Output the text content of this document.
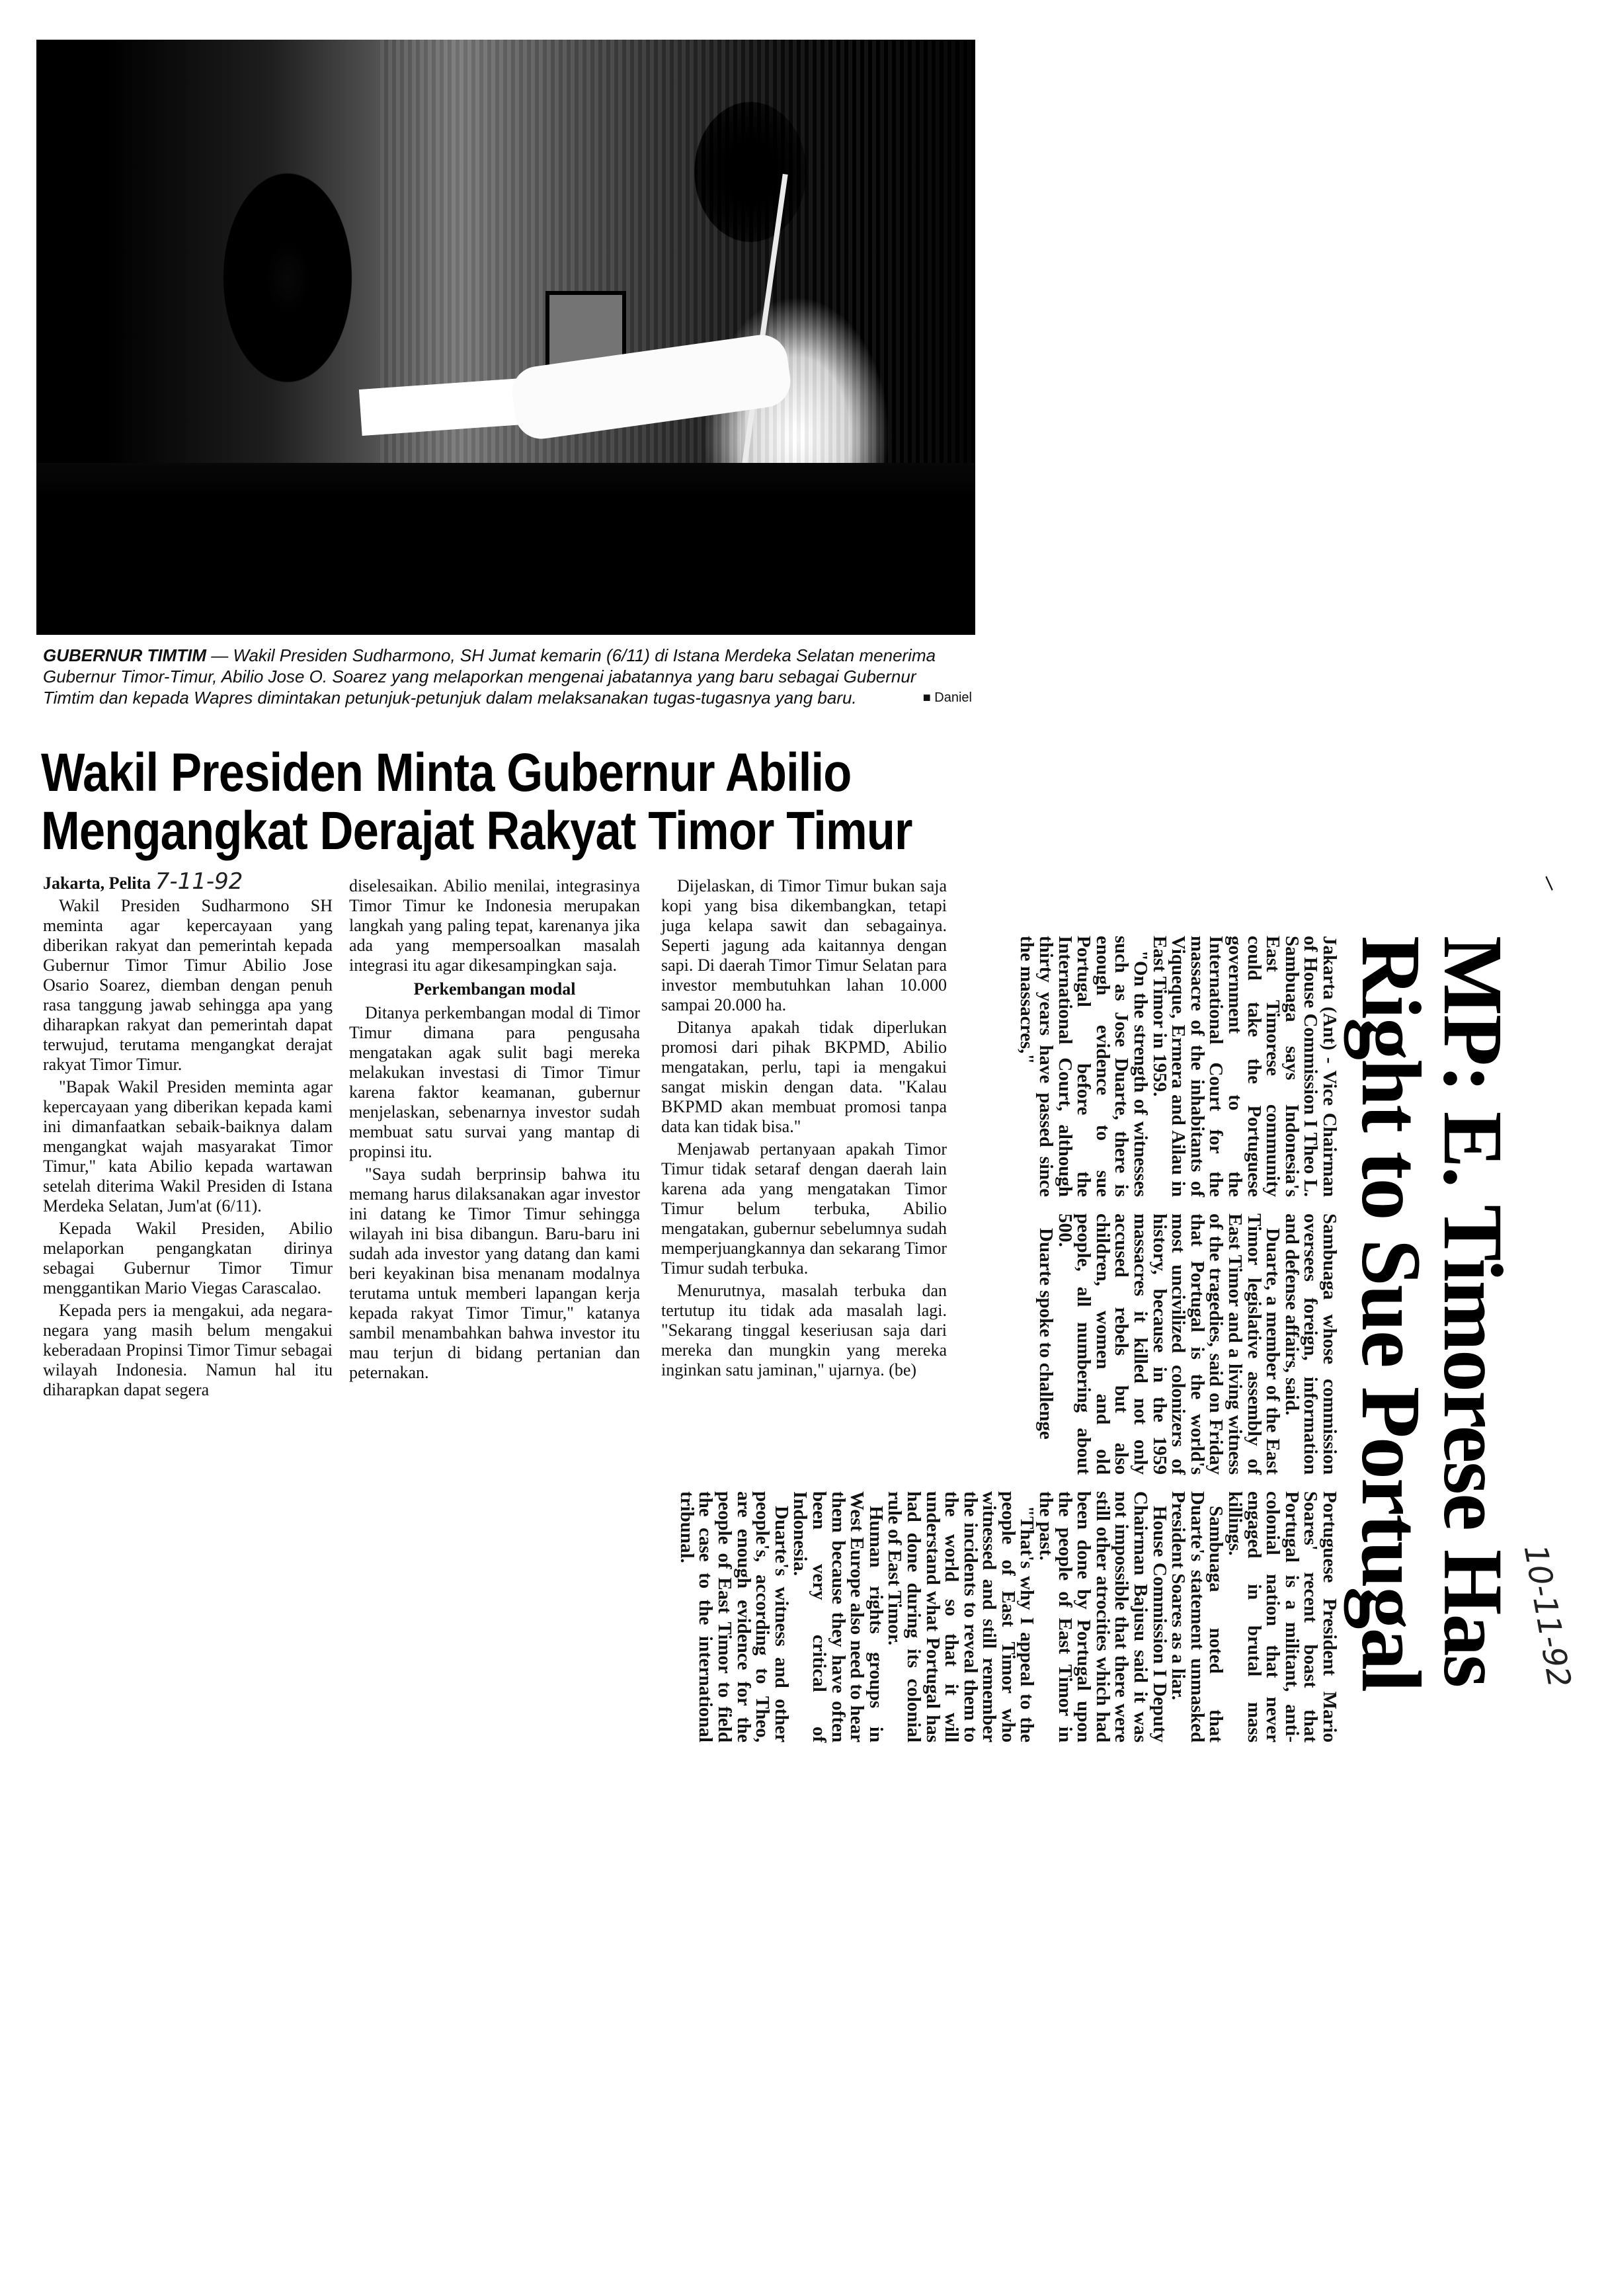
GUBERNUR TIMTIM — Wakil Presiden Sudharmono, SH Jumat kemarin (6/11) di Istana Merdeka Selatan menerima Gubernur Timor-Timur, Abilio Jose O. Soarez yang melaporkan mengenai jabatannya yang baru sebagai Gubernur Timtim dan kepada Wapres dimintakan petunjuk-petunjuk dalam melaksanakan tugas-tugasnya yang baru.	■ Daniel
Wakil Presiden Minta Gubernur Abilio
Mengangkat Derajat Rakyat Timor Timur

Jakarta, Pelita 7-11-92

Wakil Presiden Sudharmono SH meminta agar kepercayaan yang diberikan rakyat dan pemerintah kepada Gubernur Timor Timur Abilio Jose Osario Soarez, diemban dengan penuh rasa tanggung jawab sehingga apa yang diharapkan rakyat dan pemerintah dapat terwujud, terutama mengangkat derajat rakyat Timor Timur.

"Bapak Wakil Presiden meminta agar kepercayaan yang diberikan kepada kami ini dimanfaatkan sebaik-baiknya dalam mengangkat wajah masyarakat Timor Timur," kata Abilio kepada wartawan setelah diterima Wakil Presiden di Istana Merdeka Selatan, Jum'at (6/11).

Kepada Wakil Presiden, Abilio melaporkan pengangkatan dirinya sebagai Gubernur Timor Timur menggantikan Mario Viegas Carascalao.

Kepada pers ia mengakui, ada negara-negara yang masih belum mengakui keberadaan Propinsi Timor Timur sebagai wilayah Indonesia. Namun hal itu diharapkan dapat segera

diselesaikan. Abilio menilai, integrasinya Timor Timur ke Indonesia merupakan langkah yang paling tepat, karenanya jika ada yang mempersoalkan masalah integrasi itu agar dikesampingkan saja.

Perkembangan modal

Ditanya perkembangan modal di Timor Timur dimana para pengusaha mengatakan agak sulit bagi mereka melakukan investasi di Timor Timur karena faktor keamanan, gubernur menjelaskan, sebenarnya investor sudah membuat satu survai yang mantap di propinsi itu.

"Saya sudah berprinsip bahwa itu memang harus dilaksanakan agar investor ini datang ke Timor Timur sehingga wilayah ini bisa dibangun. Baru-baru ini sudah ada investor yang datang dan kami beri keyakinan bisa menanam modalnya terutama untuk memberi lapangan kerja kepada rakyat Timor Timur," katanya sambil menambahkan bahwa investor itu mau terjun di bidang pertanian dan peternakan.

Dijelaskan, di Timor Timur bukan saja kopi yang bisa dikembangkan, tetapi juga kelapa sawit dan sebagainya. Seperti jagung ada kaitannya dengan sapi. Di daerah Timor Timur Selatan para investor membutuhkan lahan 10.000 sampai 20.000 ha.

Ditanya apakah tidak diperlukan promosi dari pihak BKPMD, Abilio mengatakan, perlu, tapi ia mengakui sangat miskin dengan data. "Kalau BKPMD akan membuat promosi tanpa data kan tidak bisa."

Menjawab pertanyaan apakah Timor Timur tidak setaraf dengan daerah lain karena ada yang mengatakan Timor Timur belum terbuka, Abilio mengatakan, gubernur sebelumnya sudah memperjuangkannya dan sekarang Timor Timur sudah terbuka.

Menurutnya, masalah terbuka dan tertutup itu tidak ada masalah lagi. "Sekarang tinggal keseriusan saja dari mereka dan mungkin yang mereka inginkan satu jaminan," ujarnya. (be)

/
MP: E. Timorese Has
Right to Sue Portugal 10-11-92

Jakarta (Ant) - Vice Chairman of House Commission I Theo L. Sambuaga says Indonesia's East Timorese community could take the Portuguese government to the International Court for the massacre of the inhabitants of Viqueque, Ermera and Ailau in East Timor in 1959.

"On the strength of witnesses such as Jose Duarte, there is enough evidence to sue Portugal before the International Court, although thirty years have passed since the massacres,"

Sambuaga whose commission oversees foreign, information and defense affairs, said.

Duarte, a member of the East Timor legislative assembly of East Timor and a living witness of the tragedies, said on Friday that Portugal is the world's most uncivilized colonizers of history, because in the 1959 massacres it killed not only accused rebels but also children, women and old people, all numbering about 500.

Duarte spoke to challenge

Portuguese President Mario Soares' recent boast that Portugal is a militant, anti-colonial nation that never engaged in brutal mass killings.

Sambuaga noted that Duarte's statement unmasked President Soares as a liar.

House Commission I Deputy Chairman Bajusu said it was not impossible that there were still other atrocities which had been done by Portugal upon the people of East Timor in the past.

"That's why I appeal to the people of East Timor who witnessed and still remember the incidents to reveal them to the world so that it will understand what Portugal has had done during its colonial rule of East Timor.

Human rights groups in West Europe also need to hear them because they have often been very critical of Indonesia.

Duarte's witness and other people's, according to Theo, are enough evidence for the people of East Timor to field the case to the international tribunal.
